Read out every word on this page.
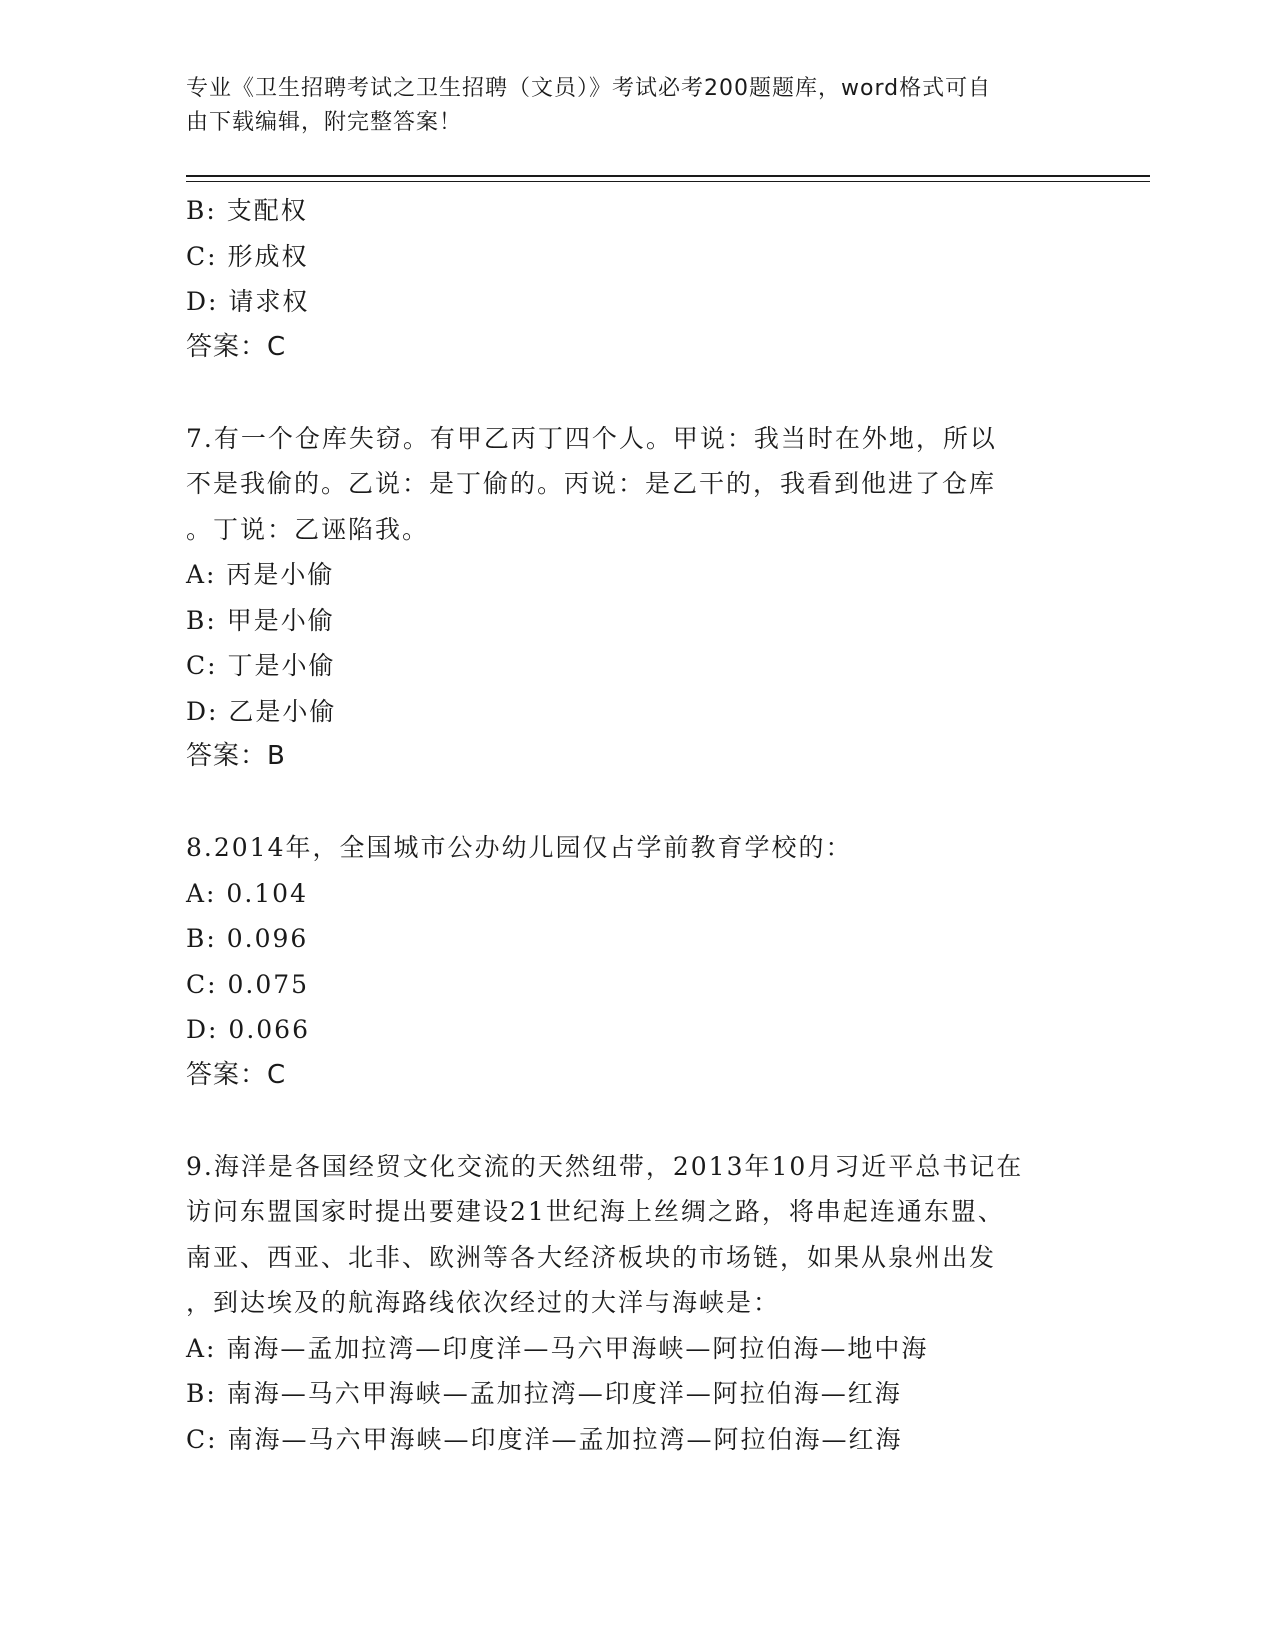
专业《卫生招聘考试之卫生招聘（文员）》考试必考200题题库，word格式可自
由下载编辑，附完整答案！
B: 支配权
C: 形成权
D: 请求权
答案：C
7.有一个仓库失窃。有甲乙丙丁四个人。甲说：我当时在外地，所以
不是我偷的。乙说：是丁偷的。丙说：是乙干的，我看到他进了仓库
。丁说：乙诬陷我。
A: 丙是小偷
B: 甲是小偷
C: 丁是小偷
D: 乙是小偷
答案：B
8.2014年，全国城市公办幼儿园仅占学前教育学校的：
A: 0.104
B: 0.096
C: 0.075
D: 0.066
答案：C
9.海洋是各国经贸文化交流的天然纽带，2013年10月习近平总书记在
访问东盟国家时提出要建设21世纪海上丝绸之路，将串起连通东盟、
南亚、西亚、北非、欧洲等各大经济板块的市场链，如果从泉州出发
，到达埃及的航海路线依次经过的大洋与海峡是：
A: 南海—孟加拉湾—印度洋—马六甲海峡—阿拉伯海—地中海
B: 南海—马六甲海峡—孟加拉湾—印度洋—阿拉伯海—红海
C: 南海—马六甲海峡—印度洋—孟加拉湾—阿拉伯海—红海
